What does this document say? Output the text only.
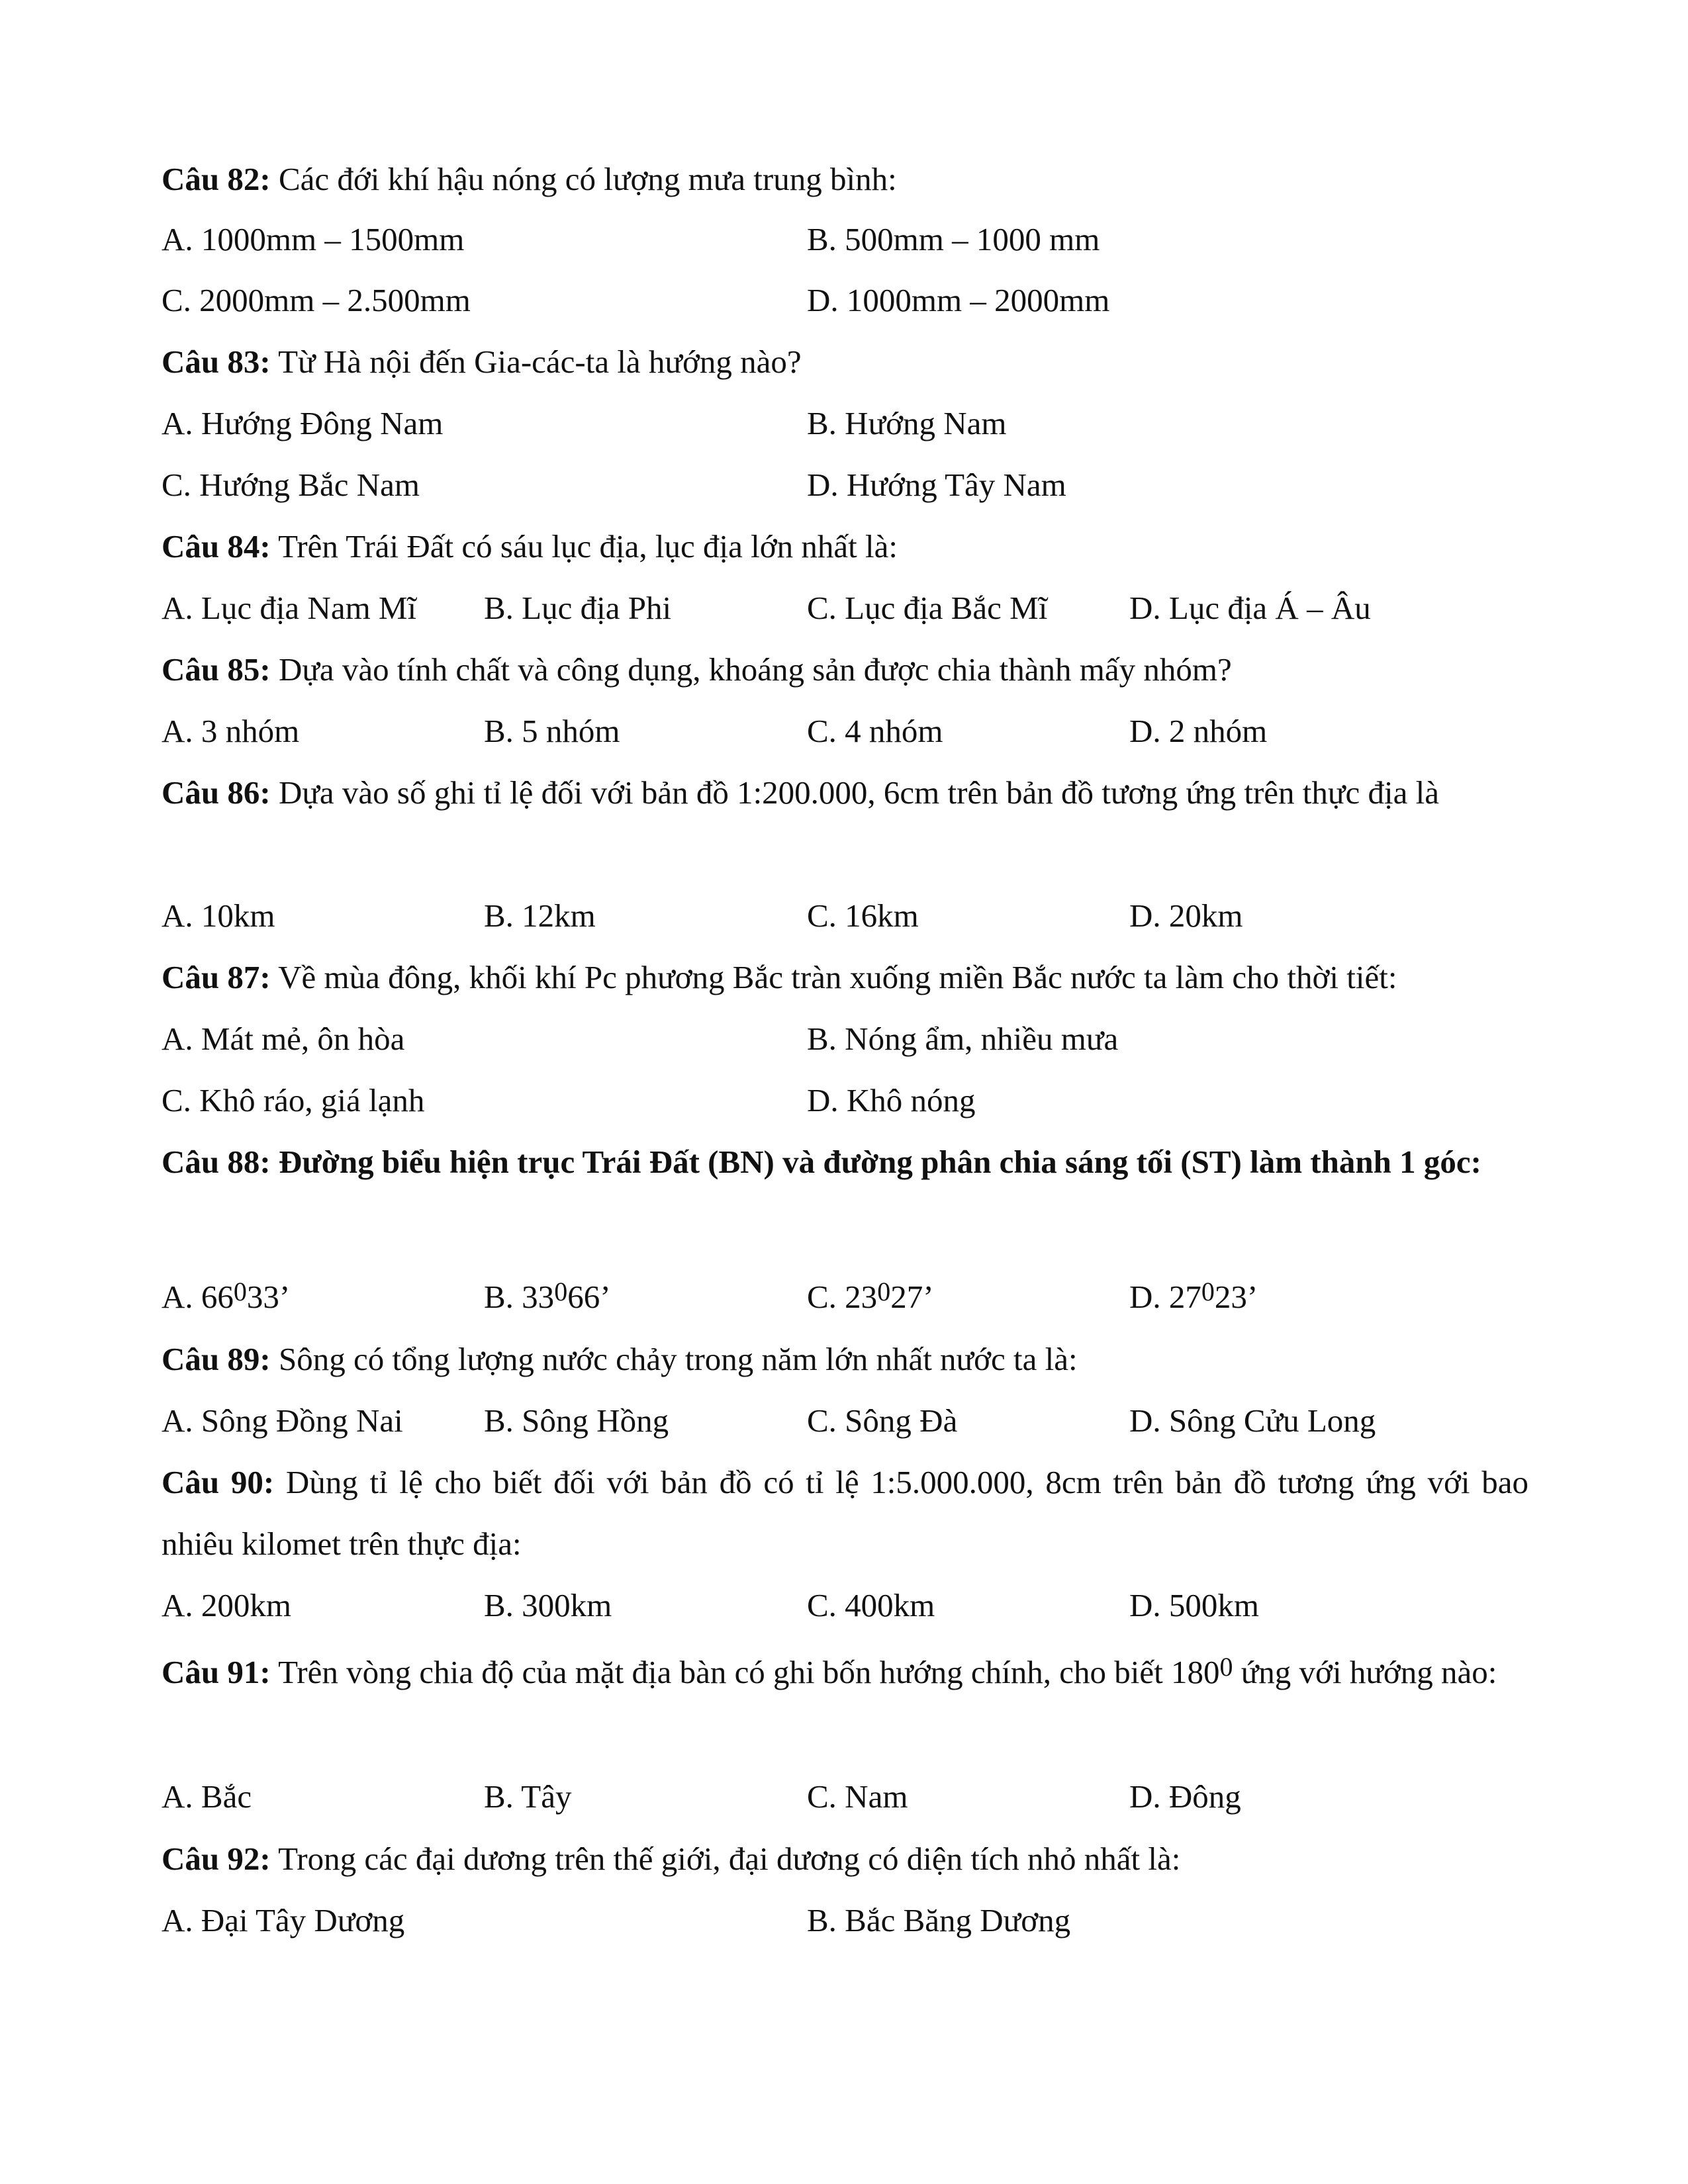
Câu 82: Các đới khí hậu nóng có lượng mưa trung bình:
A. 1000mm – 1500mm	B. 500mm – 1000 mm
C. 2000mm – 2.500mm	D. 1000mm – 2000mm
Câu 83: Từ Hà nội đến Gia-các-ta là hướng nào?
A. Hướng Đông Nam	B. Hướng Nam
C. Hướng Bắc Nam	D. Hướng Tây Nam
Câu 84: Trên Trái Đất có sáu lục địa, lục địa lớn nhất là:
A. Lục địa Nam Mĩ B. Lục địa Phi	C. Lục địa Bắc Mĩ	D. Lục địa Á – Âu
Câu 85: Dựa vào tính chất và công dụng, khoáng sản được chia thành mấy nhóm?
A. 3 nhóm	B. 5 nhóm	C. 4 nhóm	D. 2 nhóm
Câu 86: Dựa vào số ghi tỉ lệ đối với bản đồ 1:200.000, 6cm trên bản đồ tương ứng trên thực địa là
A. 10km	B. 12km	C. 16km	D. 20km
Câu 87: Về mùa đông, khối khí Pc phương Bắc tràn xuống miền Bắc nước ta làm cho thời tiết:
A. Mát mẻ, ôn hòa	B. Nóng ẩm, nhiều mưa
C. Khô ráo, giá lạnh	D. Khô nóng
Câu 88: Đường biểu hiện trục Trái Đất (BN) và đường phân chia sáng tối (ST) làm thành 1 góc:
A. $66^033$’	B. $33^066$’	C. $23^027$’	D. $27^023$’
Câu 89: Sông có tổng lượng nước chảy trong năm lớn nhất nước ta là:
A. Sông Đồng Nai B. Sông Hồng	C. Sông Đà	D. Sông Cửu Long
Câu 90: Dùng tỉ lệ cho biết đối với bản đồ có tỉ lệ 1:5.000.000, 8cm trên bản đồ tương ứng với bao nhiêu kilomet trên thực địa:
A. 200km	B. 300km	C. 400km	D. 500km
Câu 91: Trên vòng chia độ của mặt địa bàn có ghi bốn hướng chính, cho biết $180^0$ ứng với hướng nào:
A. Bắc	B. Tây	C. Nam	D. Đông
Câu 92: Trong các đại dương trên thế giới, đại dương có diện tích nhỏ nhất là:
A. Đại Tây Dương	B. Bắc Băng Dương
